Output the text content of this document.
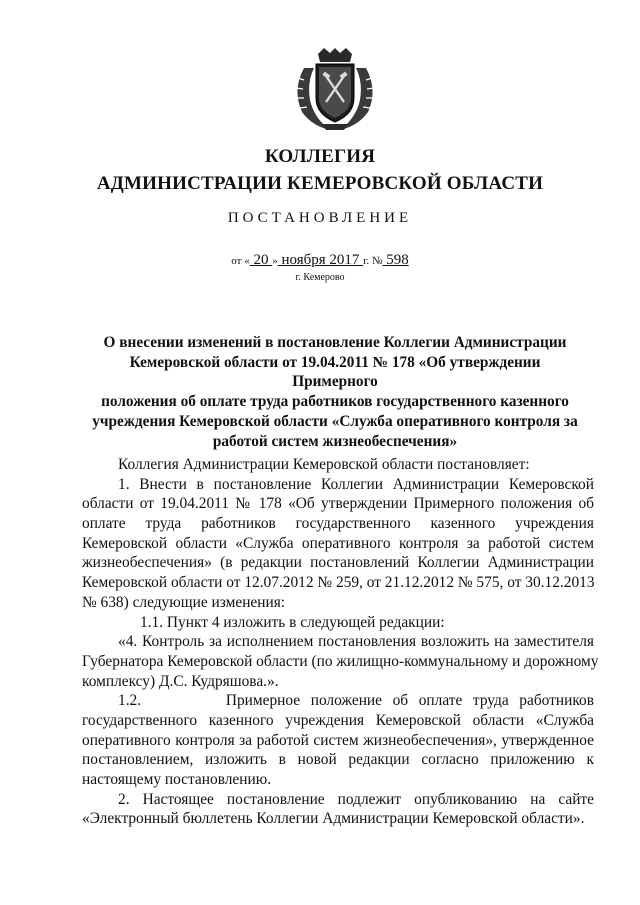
КОЛЛЕГИЯ
АДМИНИСТРАЦИИ КЕМЕРОВСКОЙ ОБЛАСТИ
ПОСТАНОВЛЕНИЕ
от « 20 » ноября 2017 г. № 598
г. Кемерово
О внесении изменений в постановление Коллегии Администрации
Кемеровской области от 19.04.2011 № 178 «Об утверждении Примерного
положения об оплате труда работников государственного казенного
учреждения Кемеровской области «Служба оперативного контроля за
работой систем жизнеобеспечения»
Коллегия Администрации Кемеровской области постановляет:
1. Внести в постановление Коллегии Администрации Кемеровской
области от 19.04.2011 № 178 «Об утверждении Примерного положения об
оплате труда работников государственного казенного учреждения
Кемеровской области «Служба оперативного контроля за работой систем
жизнеобеспечения» (в редакции постановлений Коллегии Администрации
Кемеровской области от 12.07.2012 № 259, от 21.12.2012 № 575, от 30.12.2013
№ 638) следующие изменения:
1.1. Пункт 4 изложить в следующей редакции:
«4. Контроль за исполнением постановления возложить на заместителя
Губернатора Кемеровской области (по жилищно-коммунальному и дорожному
комплексу) Д.С. Кудряшова.».
1.2.        Примерное положение об оплате труда работников
государственного казенного учреждения Кемеровской области «Служба
оперативного контроля за работой систем жизнеобеспечения», утвержденное
постановлением, изложить в новой редакции согласно приложению к
настоящему постановлению.
2. Настоящее постановление подлежит опубликованию на сайте
«Электронный бюллетень Коллегии Администрации Кемеровской области».
